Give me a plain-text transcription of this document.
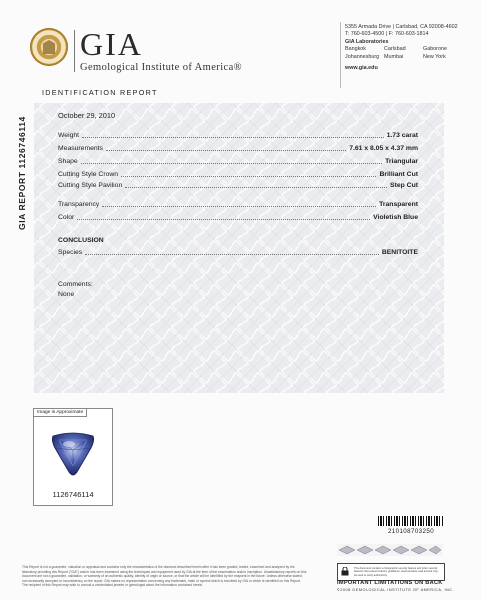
GIA
Gemological Institute of America®
5355 Armada Drive | Carlsbad, CA 92008-4602
T: 760-603-4500 | F: 760-603-1814
GIA Laboratories
Bangkok	Carlsbad	Gaborone
Johannesburg Mumbai	New York
www.gia.edu
IDENTIFICATION REPORT
GIA REPORT 1126746114
October 29, 2010
Weight	1.73 carat
Measurements	7.61 x 8.05 x 4.37 mm
Shape	Triangular
Cutting Style Crown	Brilliant Cut
Cutting Style Pavilion	Step Cut
Transparency	Transparent
Color	Violetish Blue
CONCLUSION
Species	BENITOITE
Comments:
None
Image is Approximate
1126746114
210108703250
This Report is not a guarantee, valuation or appraisal and contains only the characteristics of the diamond described herein after it has been graded, tested, examined and analyzed by the laboratory providing this Report ("GIA") and/or has been examined using the techniques and equipment used by GIA at the time of the examination and/or inscription. Unsatisfactory reports on this document are not a guarantee, validation, or warranty of an authentic quality, identity of origin or source, or that the article will be identified by the recipient in the future. Unless otherwise stated, not necessarily accepted or inconsistency on the report. GIA makes no representation concerning any trademark, mark or symbol which is inscribed by GIA or which is identified on this Report. The recipient of this Report may wish to consult a credentialed jeweler or gemologist about the information contained herein.
This document contains a holographic security feature and other security features that exceed industry guidelines. Heat-sensitive seal at back may be used to verify authenticity.
IMPORTANT LIMITATIONS ON BACK
©2008 GEMOLOGICAL INSTITUTE OF AMERICA, INC.
